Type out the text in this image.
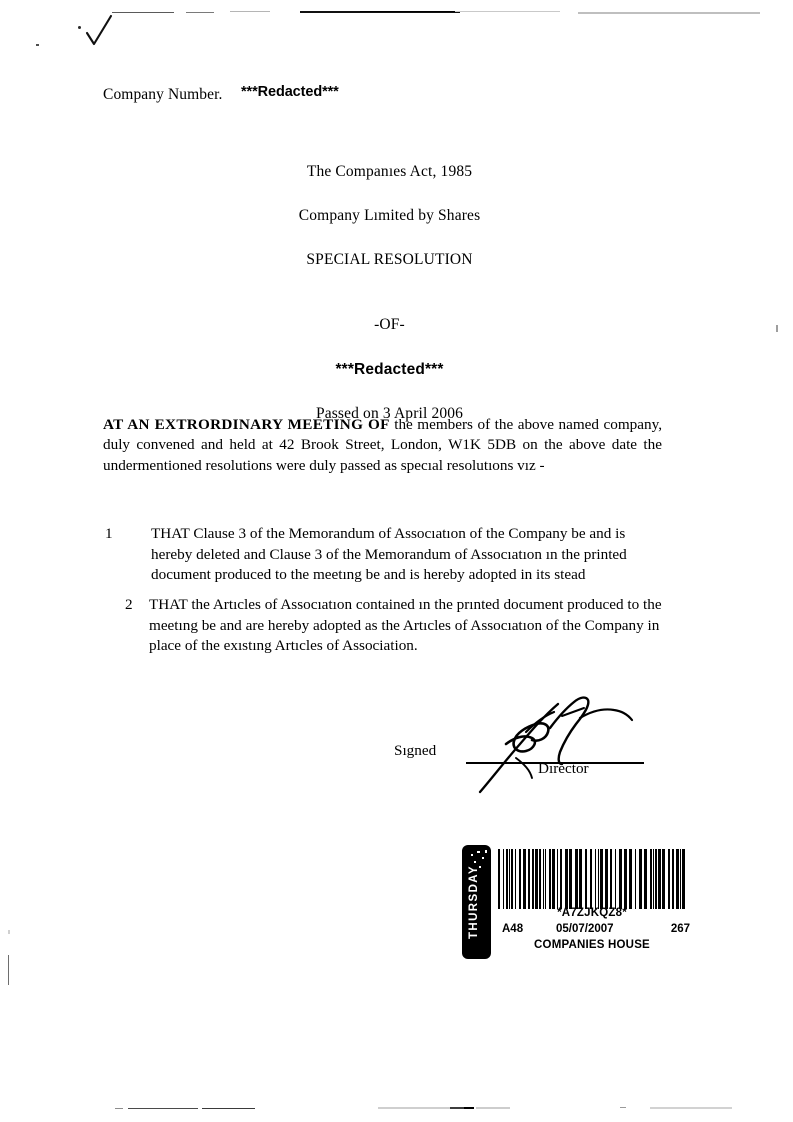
Company Number. ***Redacted***
The Companıes Act, 1985
Company Lımited by Shares
SPECIAL RESOLUTION
-OF-
***Redacted***
Passed on 3 April 2006
AT AN EXTRORDINARY MEETING OF the members of the above named company, duly convened and held at 42 Brook Street, London, W1K 5DB on the above date the undermentioned resolutions were duly passed as specıal resolutıons vız -
1	THAT Clause 3 of the Memorandum of Assocıatıon of the Company be and is hereby deleted and Clause 3 of the Memorandum of Assocıatıon ın the printed document produced to the meetıng be and is hereby adopted in its stead
2	THAT the Artıcles of Assocıatıon contained ın the prınted document produced to the meetıng be and are hereby adopted as the Artıcles of Assocıatıon of the Company in place of the exıstıng Artıcles of Association.
Sıgned
Dırector
THURSDAY	*A7ZJKQZ8*
A48	05/07/2007	267
COMPANIES HOUSE
